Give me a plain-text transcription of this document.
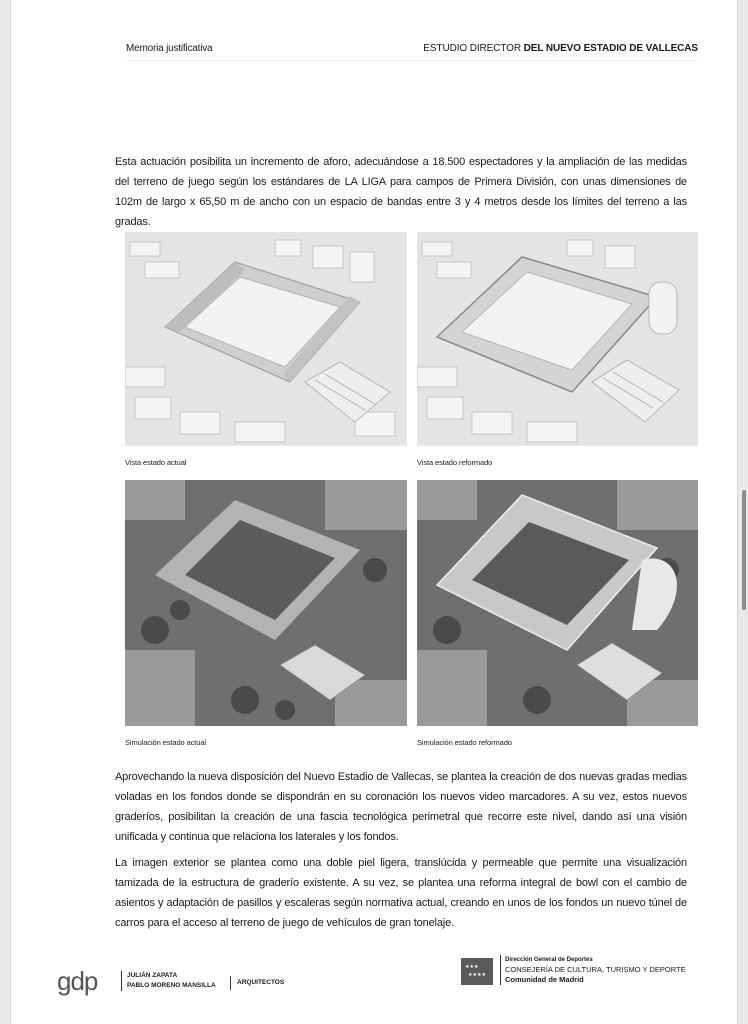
Memoria justificativa	ESTUDIO DIRECTOR DEL NUEVO ESTADIO DE VALLECAS

Esta actuación posibilita un incremento de aforo, adecuándose a 18.500 espectadores y la ampliación de las medidas del terreno de juego según los estándares de LA LIGA para campos de Primera División, con unas dimensiones de 102m de largo x 65,50 m de ancho con un espacio de bandas entre 3 y 4 metros desde los límites del terreno a las gradas.

Vista estado actual	Vista estado reformado
Simulación estado actual	Simulación estado reformado

Aprovechando la nueva disposición del Nuevo Estadio de Vallecas, se plantea la creación de dos nuevas gradas medias voladas en los fondos donde se dispondrán en su coronación los nuevos video marcadores. A su vez, estos nuevos graderíos, posibilitan la creación de una fascia tecnológica perimetral que recorre este nivel, dando así una visión unificada y continua que relaciona los laterales y los fondos.

La imagen exterior se plantea como una doble piel ligera, translúcida y permeable que permite una visualización tamizada de la estructura de graderío existente. A su vez, se plantea una reforma integral de bowl con el cambio de asientos y adaptación de pasillos y escaleras según normativa actual, creando en unos de los fondos un nuevo túnel de carros para el acceso al terreno de juego de vehículos de gran tonelaje.

gdp	JULIÁN ZAPATA
PABLO MORENO MANSILLA	ARQUITECTOS
★★★
★★★★
Dirección General de Deportes
CONSEJERÍA DE CULTURA, TURISMO Y DEPORTE
Comunidad de Madrid
